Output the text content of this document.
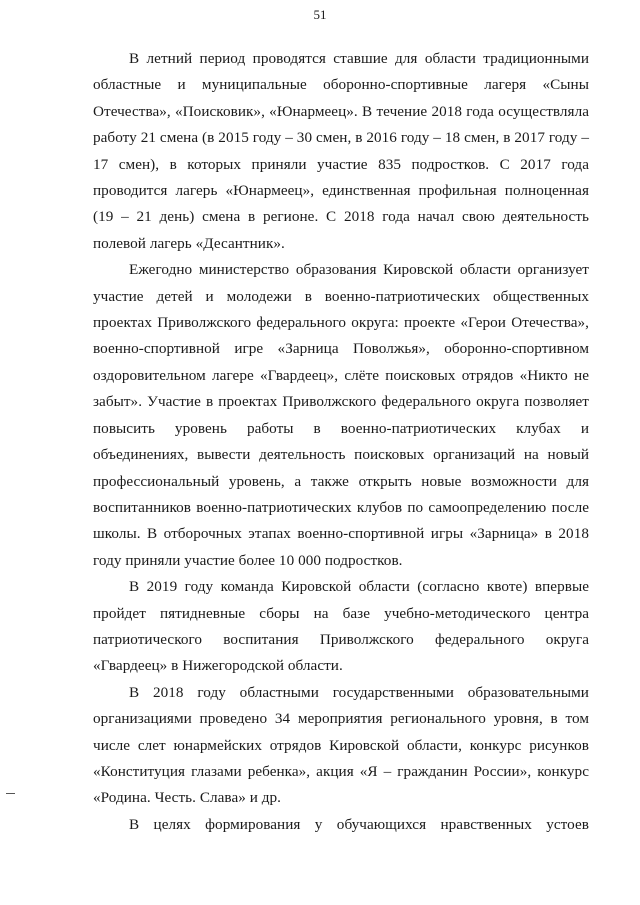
51

В летний период проводятся ставшие для области традиционными областные и муниципальные оборонно-спортивные лагеря «Сыны Отечества», «Поисковик», «Юнармеец». В течение 2018 года осуществляла работу 21 смена (в 2015 году – 30 смен, в 2016 году – 18 смен, в 2017 году – 17 смен), в которых приняли участие 835 подростков. С 2017 года проводится лагерь «Юнармеец», единственная профильная полноценная (19 – 21 день) смена в регионе. С 2018 года начал свою деятельность полевой лагерь «Десантник».

Ежегодно министерство образования Кировской области организует участие детей и молодежи в военно-патриотических общественных проектах Приволжского федерального округа: проекте «Герои Отечества», военно-спортивной игре «Зарница Поволжья», оборонно-спортивном оздоровительном лагере «Гвардеец», слёте поисковых отрядов «Никто не забыт». Участие в проектах Приволжского федерального округа позволяет повысить уровень работы в военно-патриотических клубах и объединениях, вывести деятельность поисковых организаций на новый профессиональный уровень, а также открыть новые возможности для воспитанников военно-патриотических клубов по самоопределению после школы. В отборочных этапах военно-спортивной игры «Зарница» в 2018 году приняли участие более 10 000 подростков.

В 2019 году команда Кировской области (согласно квоте) впервые пройдет пятидневные сборы на базе учебно-методического центра патриотического воспитания Приволжского федерального округа «Гвардеец» в Нижегородской области.

В 2018 году областными государственными образовательными организациями проведено 34 мероприятия регионального уровня, в том числе слет юнармейских отрядов Кировской области, конкурс рисунков «Конституция глазами ребенка», акция «Я – гражданин России», конкурс «Родина. Честь. Слава» и др.

В целях формирования у обучающихся нравственных устоев
